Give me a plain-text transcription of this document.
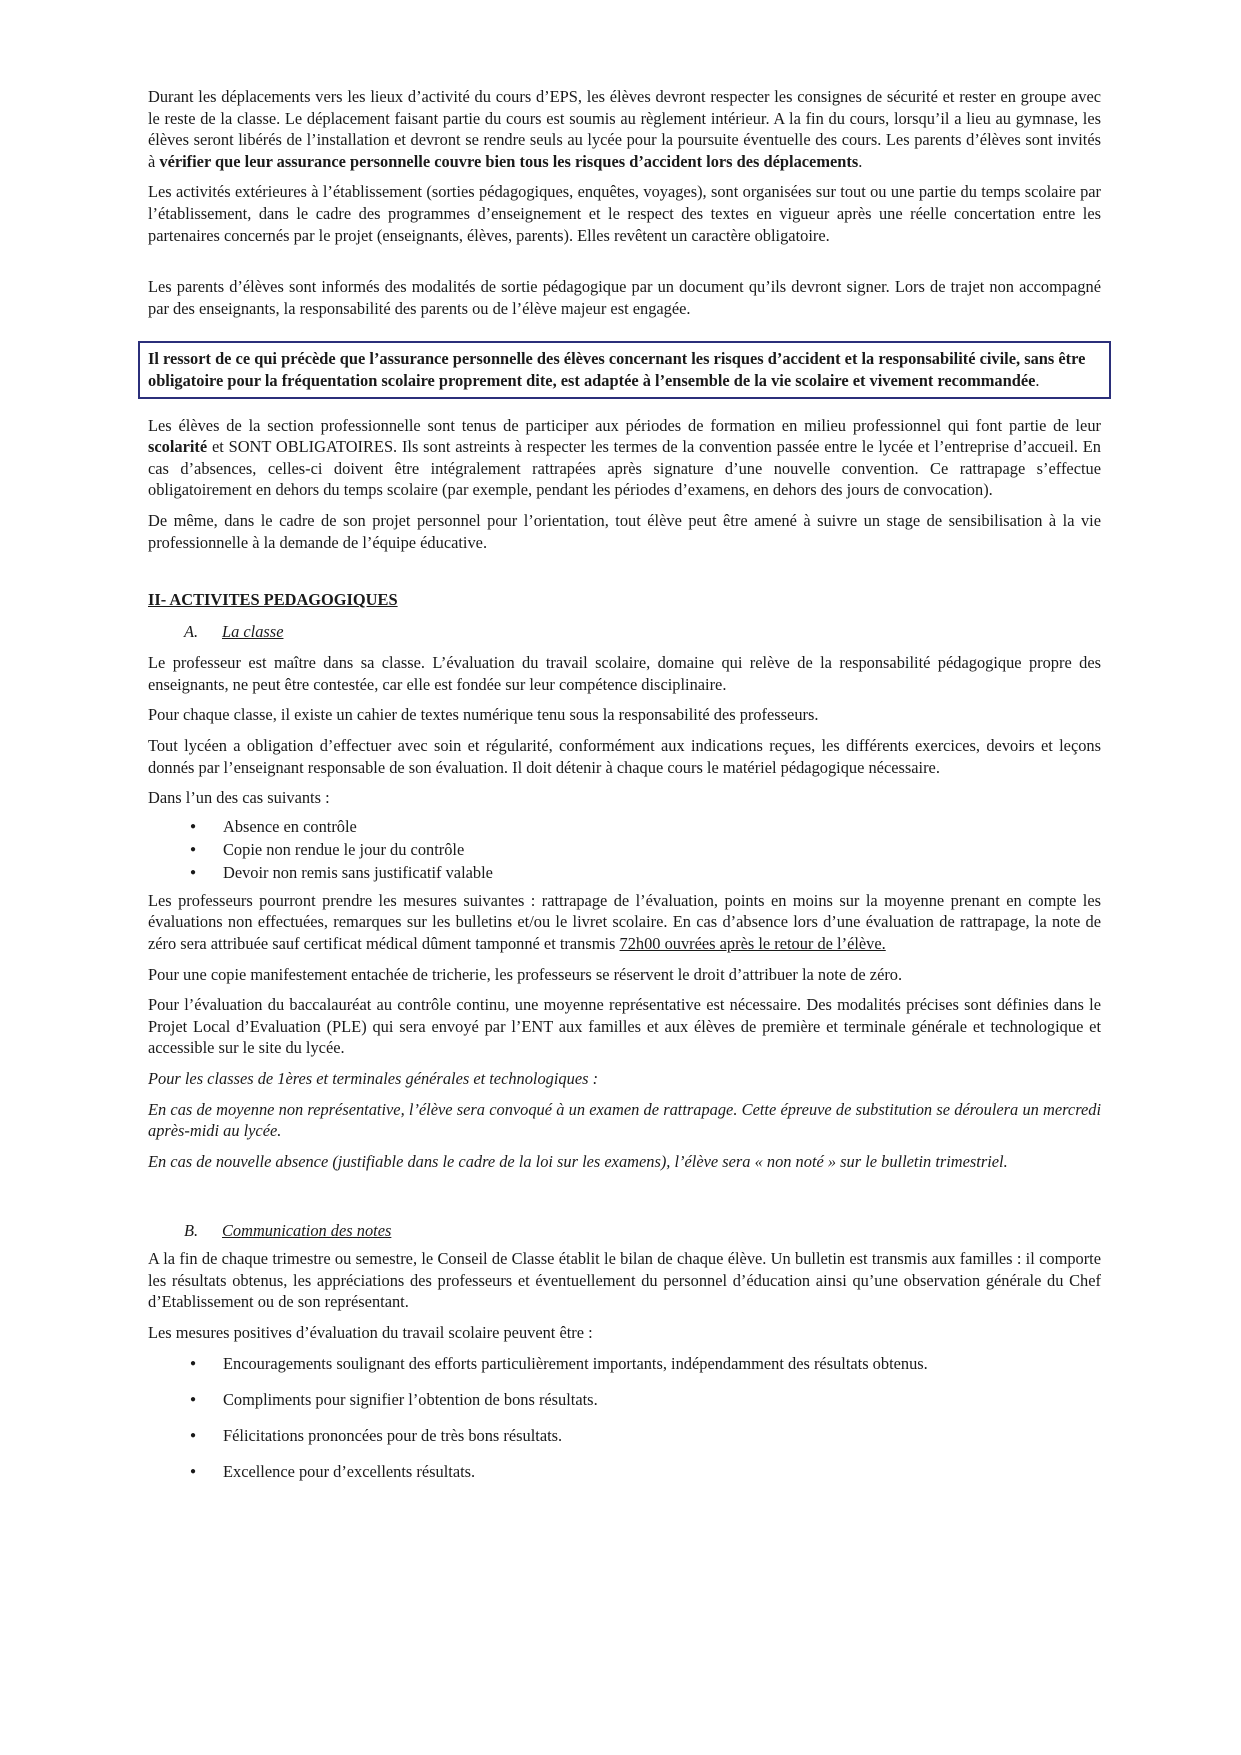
Durant les déplacements vers les lieux d’activité du cours d’EPS, les élèves devront respecter les consignes de sécurité et rester en groupe avec le reste de la classe. Le déplacement faisant partie du cours est soumis au règlement intérieur. A la fin du cours, lorsqu’il a lieu au gymnase, les élèves seront libérés de l’installation et devront se rendre seuls au lycée pour la poursuite éventuelle des cours. Les parents d’élèves sont invités à vérifier que leur assurance personnelle couvre bien tous les risques d’accident lors des déplacements.

Les activités extérieures à l’établissement (sorties pédagogiques, enquêtes, voyages), sont organisées sur tout ou une partie du temps scolaire par l’établissement, dans le cadre des programmes d’enseignement et le respect des textes en vigueur après une réelle concertation entre les partenaires concernés par le projet (enseignants, élèves, parents). Elles revêtent un caractère obligatoire.

Les parents d’élèves sont informés des modalités de sortie pédagogique par un document qu’ils devront signer. Lors de trajet non accompagné par des enseignants, la responsabilité des parents ou de l’élève majeur est engagée.

Il ressort de ce qui précède que l’assurance personnelle des élèves concernant les risques d’accident et la responsabilité civile, sans être obligatoire pour la fréquentation scolaire proprement dite, est adaptée à l’ensemble de la vie scolaire et vivement recommandée.

Les élèves de la section professionnelle sont tenus de participer aux périodes de formation en milieu professionnel qui font partie de leur scolarité et SONT OBLIGATOIRES. Ils sont astreints à respecter les termes de la convention passée entre le lycée et l’entreprise d’accueil. En cas d’absences, celles-ci doivent être intégralement rattrapées après signature d’une nouvelle convention. Ce rattrapage s’effectue obligatoirement en dehors du temps scolaire (par exemple, pendant les périodes d’examens, en dehors des jours de convocation).

De même, dans le cadre de son projet personnel pour l’orientation, tout élève peut être amené à suivre un stage de sensibilisation à la vie professionnelle à la demande de l’équipe éducative.

II- ACTIVITES PEDAGOGIQUES
A. La classe

Le professeur est maître dans sa classe. L’évaluation du travail scolaire, domaine qui relève de la responsabilité pédagogique propre des enseignants, ne peut être contestée, car elle est fondée sur leur compétence disciplinaire.

Pour chaque classe, il existe un cahier de textes numérique tenu sous la responsabilité des professeurs.

Tout lycéen a obligation d’effectuer avec soin et régularité, conformément aux indications reçues, les différents exercices, devoirs et leçons donnés par l’enseignant responsable de son évaluation. Il doit détenir à chaque cours le matériel pédagogique nécessaire.

Dans l’un des cas suivants :

● Absence en contrôle
● Copie non rendue le jour du contrôle
● Devoir non remis sans justificatif valable

Les professeurs pourront prendre les mesures suivantes : rattrapage de l’évaluation, points en moins sur la moyenne prenant en compte les évaluations non effectuées, remarques sur les bulletins et/ou le livret scolaire. En cas d’absence lors d’une évaluation de rattrapage, la note de zéro sera attribuée sauf certificat médical dûment tamponné et transmis 72h00 ouvrées après le retour de l’élève.

Pour une copie manifestement entachée de tricherie, les professeurs se réservent le droit d’attribuer la note de zéro.

Pour l’évaluation du baccalauréat au contrôle continu, une moyenne représentative est nécessaire. Des modalités précises sont définies dans le Projet Local d’Evaluation (PLE) qui sera envoyé par l’ENT aux familles et aux élèves de première et terminale générale et technologique et accessible sur le site du lycée.

Pour les classes de 1ères et terminales générales et technologiques :

En cas de moyenne non représentative, l’élève sera convoqué à un examen de rattrapage. Cette épreuve de substitution se déroulera un mercredi après-midi au lycée.

En cas de nouvelle absence (justifiable dans le cadre de la loi sur les examens), l’élève sera « non noté » sur le bulletin trimestriel.

B. Communication des notes

A la fin de chaque trimestre ou semestre, le Conseil de Classe établit le bilan de chaque élève. Un bulletin est transmis aux familles : il comporte les résultats obtenus, les appréciations des professeurs et éventuellement du personnel d’éducation ainsi qu’une observation générale du Chef d’Etablissement ou de son représentant.

Les mesures positives d’évaluation du travail scolaire peuvent être :

● Encouragements soulignant des efforts particulièrement importants, indépendamment des résultats obtenus.
● Compliments pour signifier l’obtention de bons résultats.
● Félicitations prononcées pour de très bons résultats.
● Excellence pour d’excellents résultats.
